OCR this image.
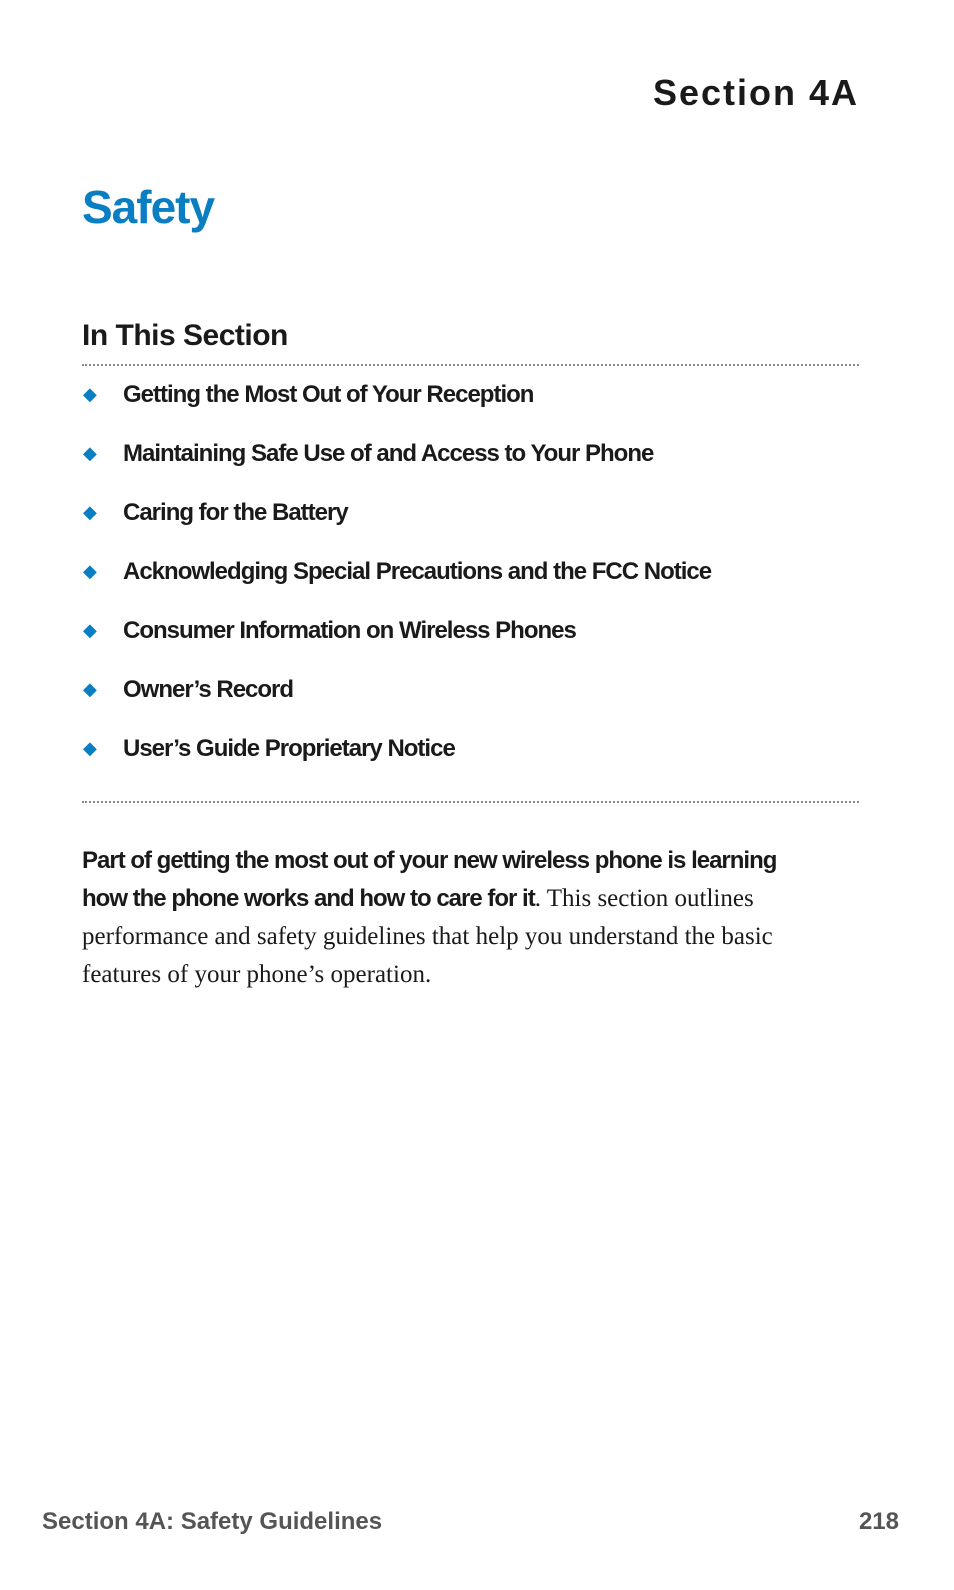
Section 4A
Safety
In This Section
◆	Getting the Most Out of Your Reception
◆	Maintaining Safe Use of and Access to Your Phone
◆	Caring for the Battery
◆	Acknowledging Special Precautions and the FCC Notice
◆	Consumer Information on Wireless Phones
◆	Owner’s Record
◆	User’s Guide Proprietary Notice

Part of getting the most out of your new wireless phone is learning how the phone works and how to care for it. This section outlines performance and safety guidelines that help you understand the basic features of your phone’s operation.

Section 4A: Safety Guidelines	218
